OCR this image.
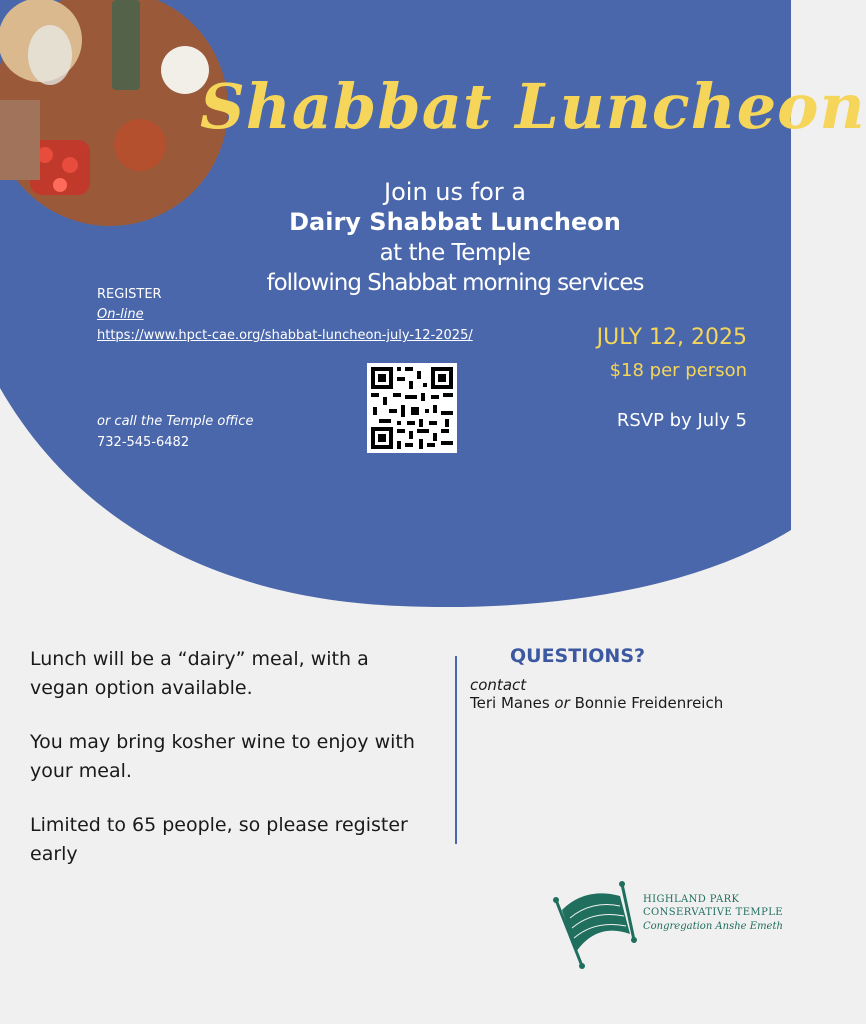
Shabbat Luncheon
Join us for a
Dairy Shabbat Luncheon
at the Temple
following Shabbat morning services
REGISTER
On-line
https://www.hpct-cae.org/shabbat-luncheon-july-12-2025/
or call the Temple office
732-545-6482
JULY 12, 2025
$18 per person
RSVP by July 5

Lunch will be a “dairy” meal, with a vegan option available.

You may bring kosher wine to enjoy with your meal.

Limited to 65 people, so please register early

QUESTIONS?
contact
Teri Manes or Bonnie Freidenreich
HIGHLAND PARK
CONSERVATIVE TEMPLE
Congregation Anshe Emeth
